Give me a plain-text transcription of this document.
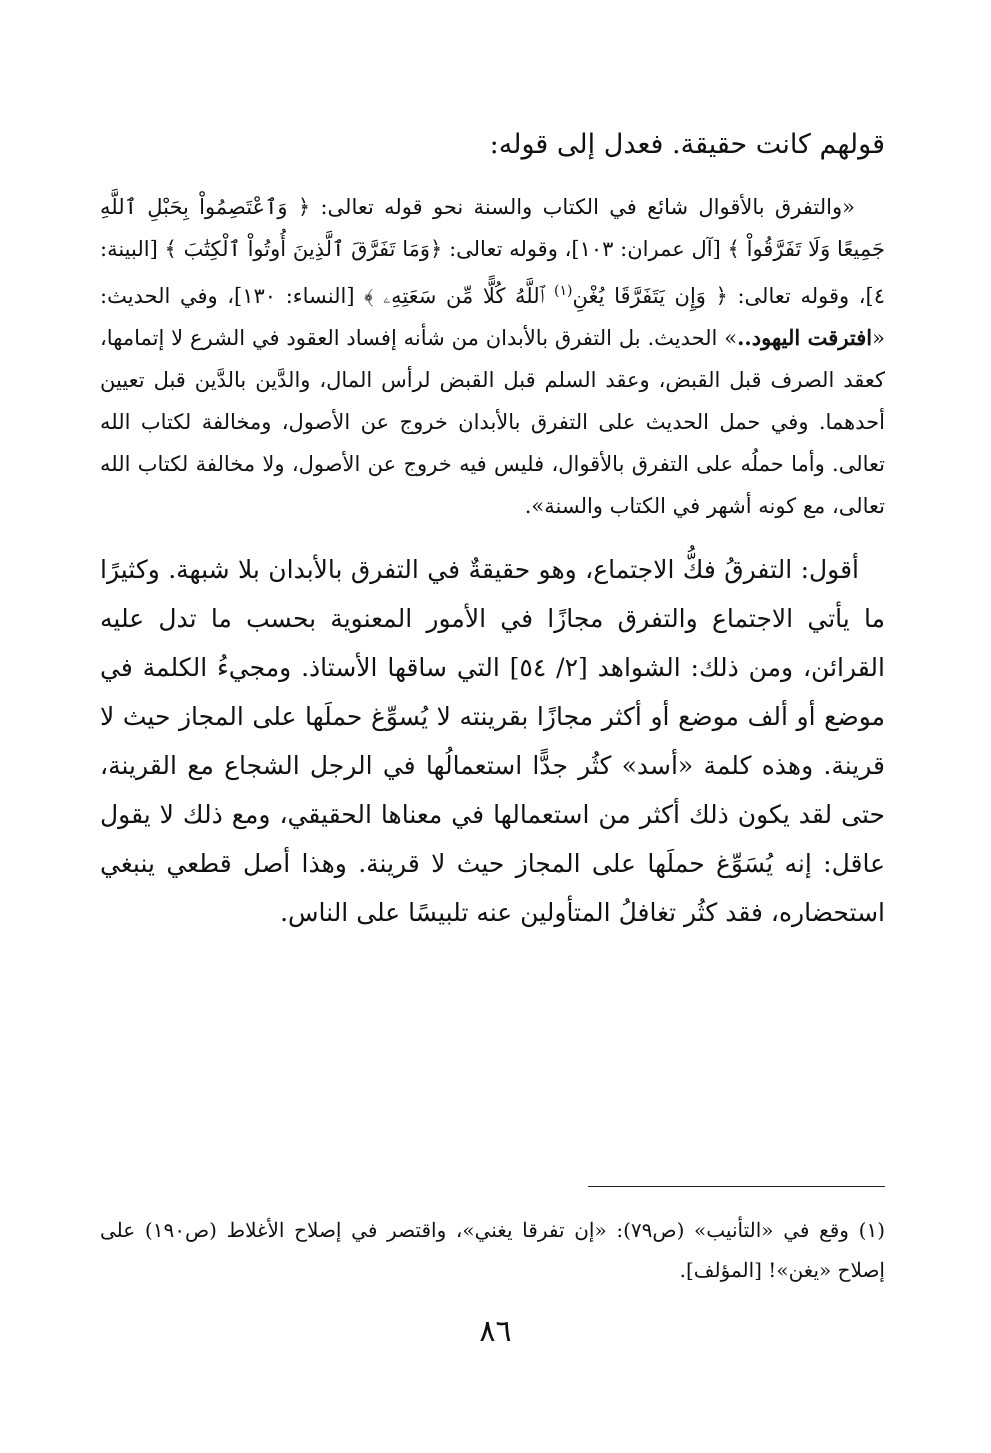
قولهم كانت حقيقة. فعدل إلى قوله:

«والتفرق بالأقوال شائع في الكتاب والسنة نحو قوله تعالى: ﴿ وَٱعْتَصِمُواْ بِحَبْلِ ٱللَّهِ جَمِيعًا وَلَا تَفَرَّقُواْ ﴾ [آل عمران: ١٠٣]، وقوله تعالى: ﴿وَمَا تَفَرَّقَ ٱلَّذِينَ أُوتُواْ ٱلْكِتَٰبَ ﴾ [البينة: ٤]، وقوله تعالى: ﴿ وَإِن يَتَفَرَّقَا يُغْنِ$^{(١)}$ ٱللَّهُ كُلًّا مِّن سَعَتِهِۦ ﴾ [النساء: ١٣٠]، وفي الحديث: «افترقت اليهود..» الحديث. بل التفرق بالأبدان من شأنه إفساد العقود في الشرع لا إتمامها، كعقد الصرف قبل القبض، وعقد السلم قبل القبض لرأس المال، والدَّين بالدَّين قبل تعيين أحدهما. وفي حمل الحديث على التفرق بالأبدان خروج عن الأصول، ومخالفة لكتاب الله تعالى. وأما حملُه على التفرق بالأقوال، فليس فيه خروج عن الأصول، ولا مخالفة لكتاب الله تعالى، مع كونه أشهر في الكتاب والسنة».

أقول: التفرقُ فكُّ الاجتماع، وهو حقيقةٌ في التفرق بالأبدان بلا شبهة. وكثيرًا ما يأتي الاجتماع والتفرق مجازًا في الأمور المعنوية بحسب ما تدل عليه القرائن، ومن ذلك: الشواهد [٢/ ٥٤] التي ساقها الأستاذ. ومجيءُ الكلمة في موضع أو ألف موضع أو أكثر مجازًا بقرينته لا يُسوِّغ حملَها على المجاز حيث لا قرينة. وهذه كلمة «أسد» كثُر جدًّا استعمالُها في الرجل الشجاع مع القرينة، حتى لقد يكون ذلك أكثر من استعمالها في معناها الحقيقي، ومع ذلك لا يقول عاقل: إنه يُسَوِّغ حملَها على المجاز حيث لا قرينة. وهذا أصل قطعي ينبغي استحضاره، فقد كثُر تغافلُ المتأولين عنه تلبيسًا على الناس.

(١) وقع في «التأنيب» (ص٧٩): «إن تفرقا يغني»، واقتصر في إصلاح الأغلاط (ص١٩٠) على إصلاح «يغن»! [المؤلف].
٨٦
